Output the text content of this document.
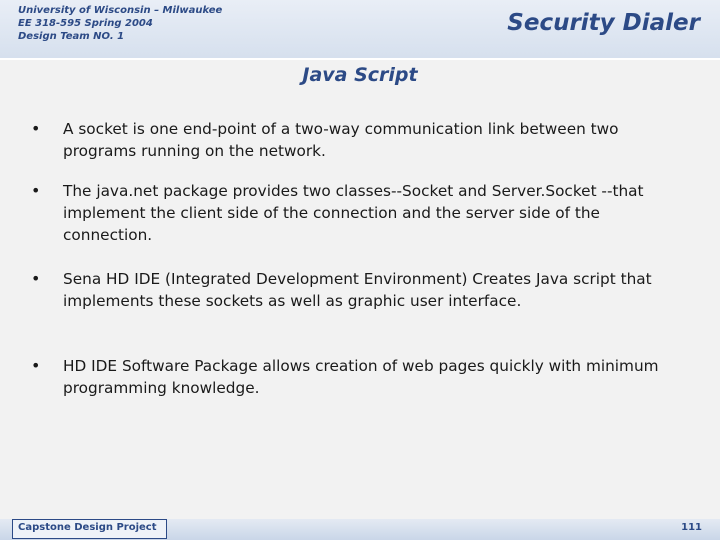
University of Wisconsin – Milwaukee
EE 318-595 Spring 2004
Design Team NO. 1
Security Dialer
Java Script
• A socket is one end-point of a two-way communication link between two programs running on the network.
• The java.net package provides two classes--Socket and Server.Socket --that implement the client side of the connection and the server side of the connection.
• Sena HD IDE (Integrated Development Environment) Creates Java script that implements these sockets as well as graphic user interface.
• HD IDE Software Package allows creation of web pages quickly with minimum programming knowledge.
Capstone Design Project	111
